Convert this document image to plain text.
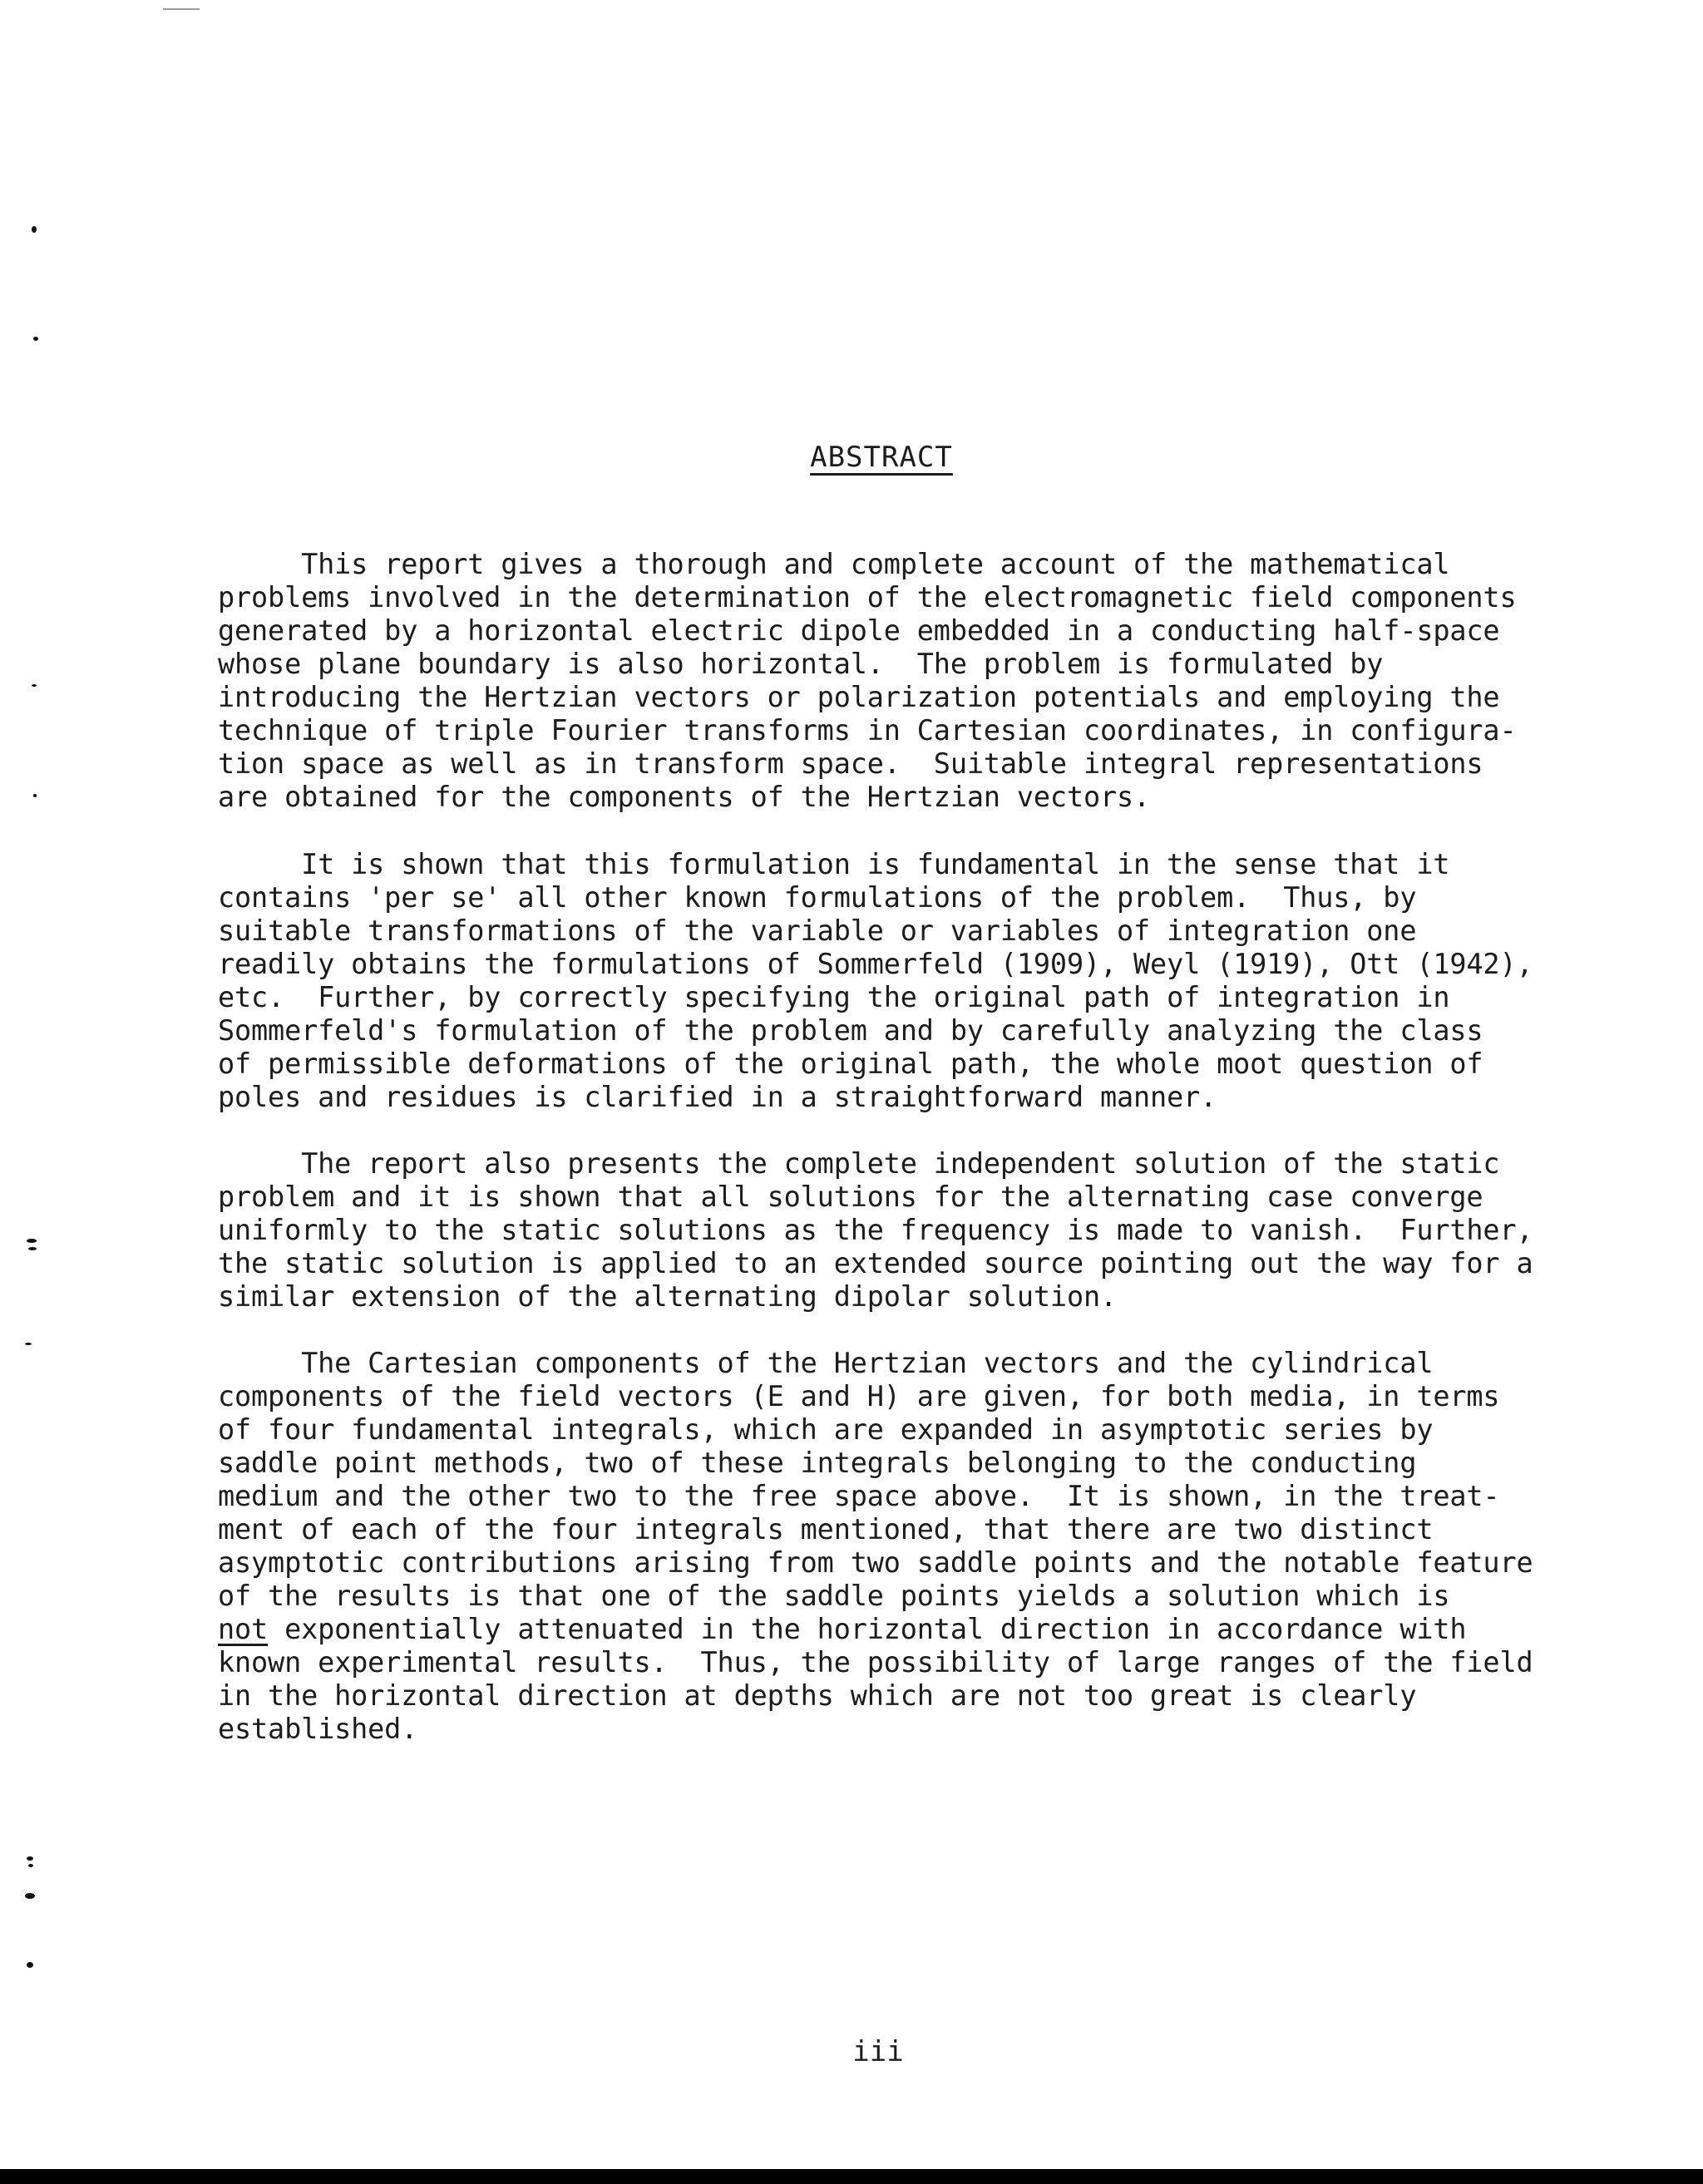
ABSTRACT
This report gives a thorough and complete account of the mathematical
problems involved in the determination of the electromagnetic field components
generated by a horizontal electric dipole embedded in a conducting half-space
whose plane boundary is also horizontal.  The problem is formulated by
introducing the Hertzian vectors or polarization potentials and employing the
technique of triple Fourier transforms in Cartesian coordinates, in configura-
tion space as well as in transform space.  Suitable integral representations
are obtained for the components of the Hertzian vectors.
It is shown that this formulation is fundamental in the sense that it
contains 'per se' all other known formulations of the problem.  Thus, by
suitable transformations of the variable or variables of integration one
readily obtains the formulations of Sommerfeld (1909), Weyl (1919), Ott (1942),
etc.  Further, by correctly specifying the original path of integration in
Sommerfeld's formulation of the problem and by carefully analyzing the class
of permissible deformations of the original path, the whole moot question of
poles and residues is clarified in a straightforward manner.
The report also presents the complete independent solution of the static
problem and it is shown that all solutions for the alternating case converge
uniformly to the static solutions as the frequency is made to vanish.  Further,
the static solution is applied to an extended source pointing out the way for a
similar extension of the alternating dipolar solution.
The Cartesian components of the Hertzian vectors and the cylindrical
components of the field vectors (E and H) are given, for both media, in terms
of four fundamental integrals, which are expanded in asymptotic series by
saddle point methods, two of these integrals belonging to the conducting
medium and the other two to the free space above.  It is shown, in the treat-
ment of each of the four integrals mentioned, that there are two distinct
asymptotic contributions arising from two saddle points and the notable feature
of the results is that one of the saddle points yields a solution which is
not exponentially attenuated in the horizontal direction in accordance with
known experimental results.  Thus, the possibility of large ranges of the field
in the horizontal direction at depths which are not too great is clearly
established.
iii
